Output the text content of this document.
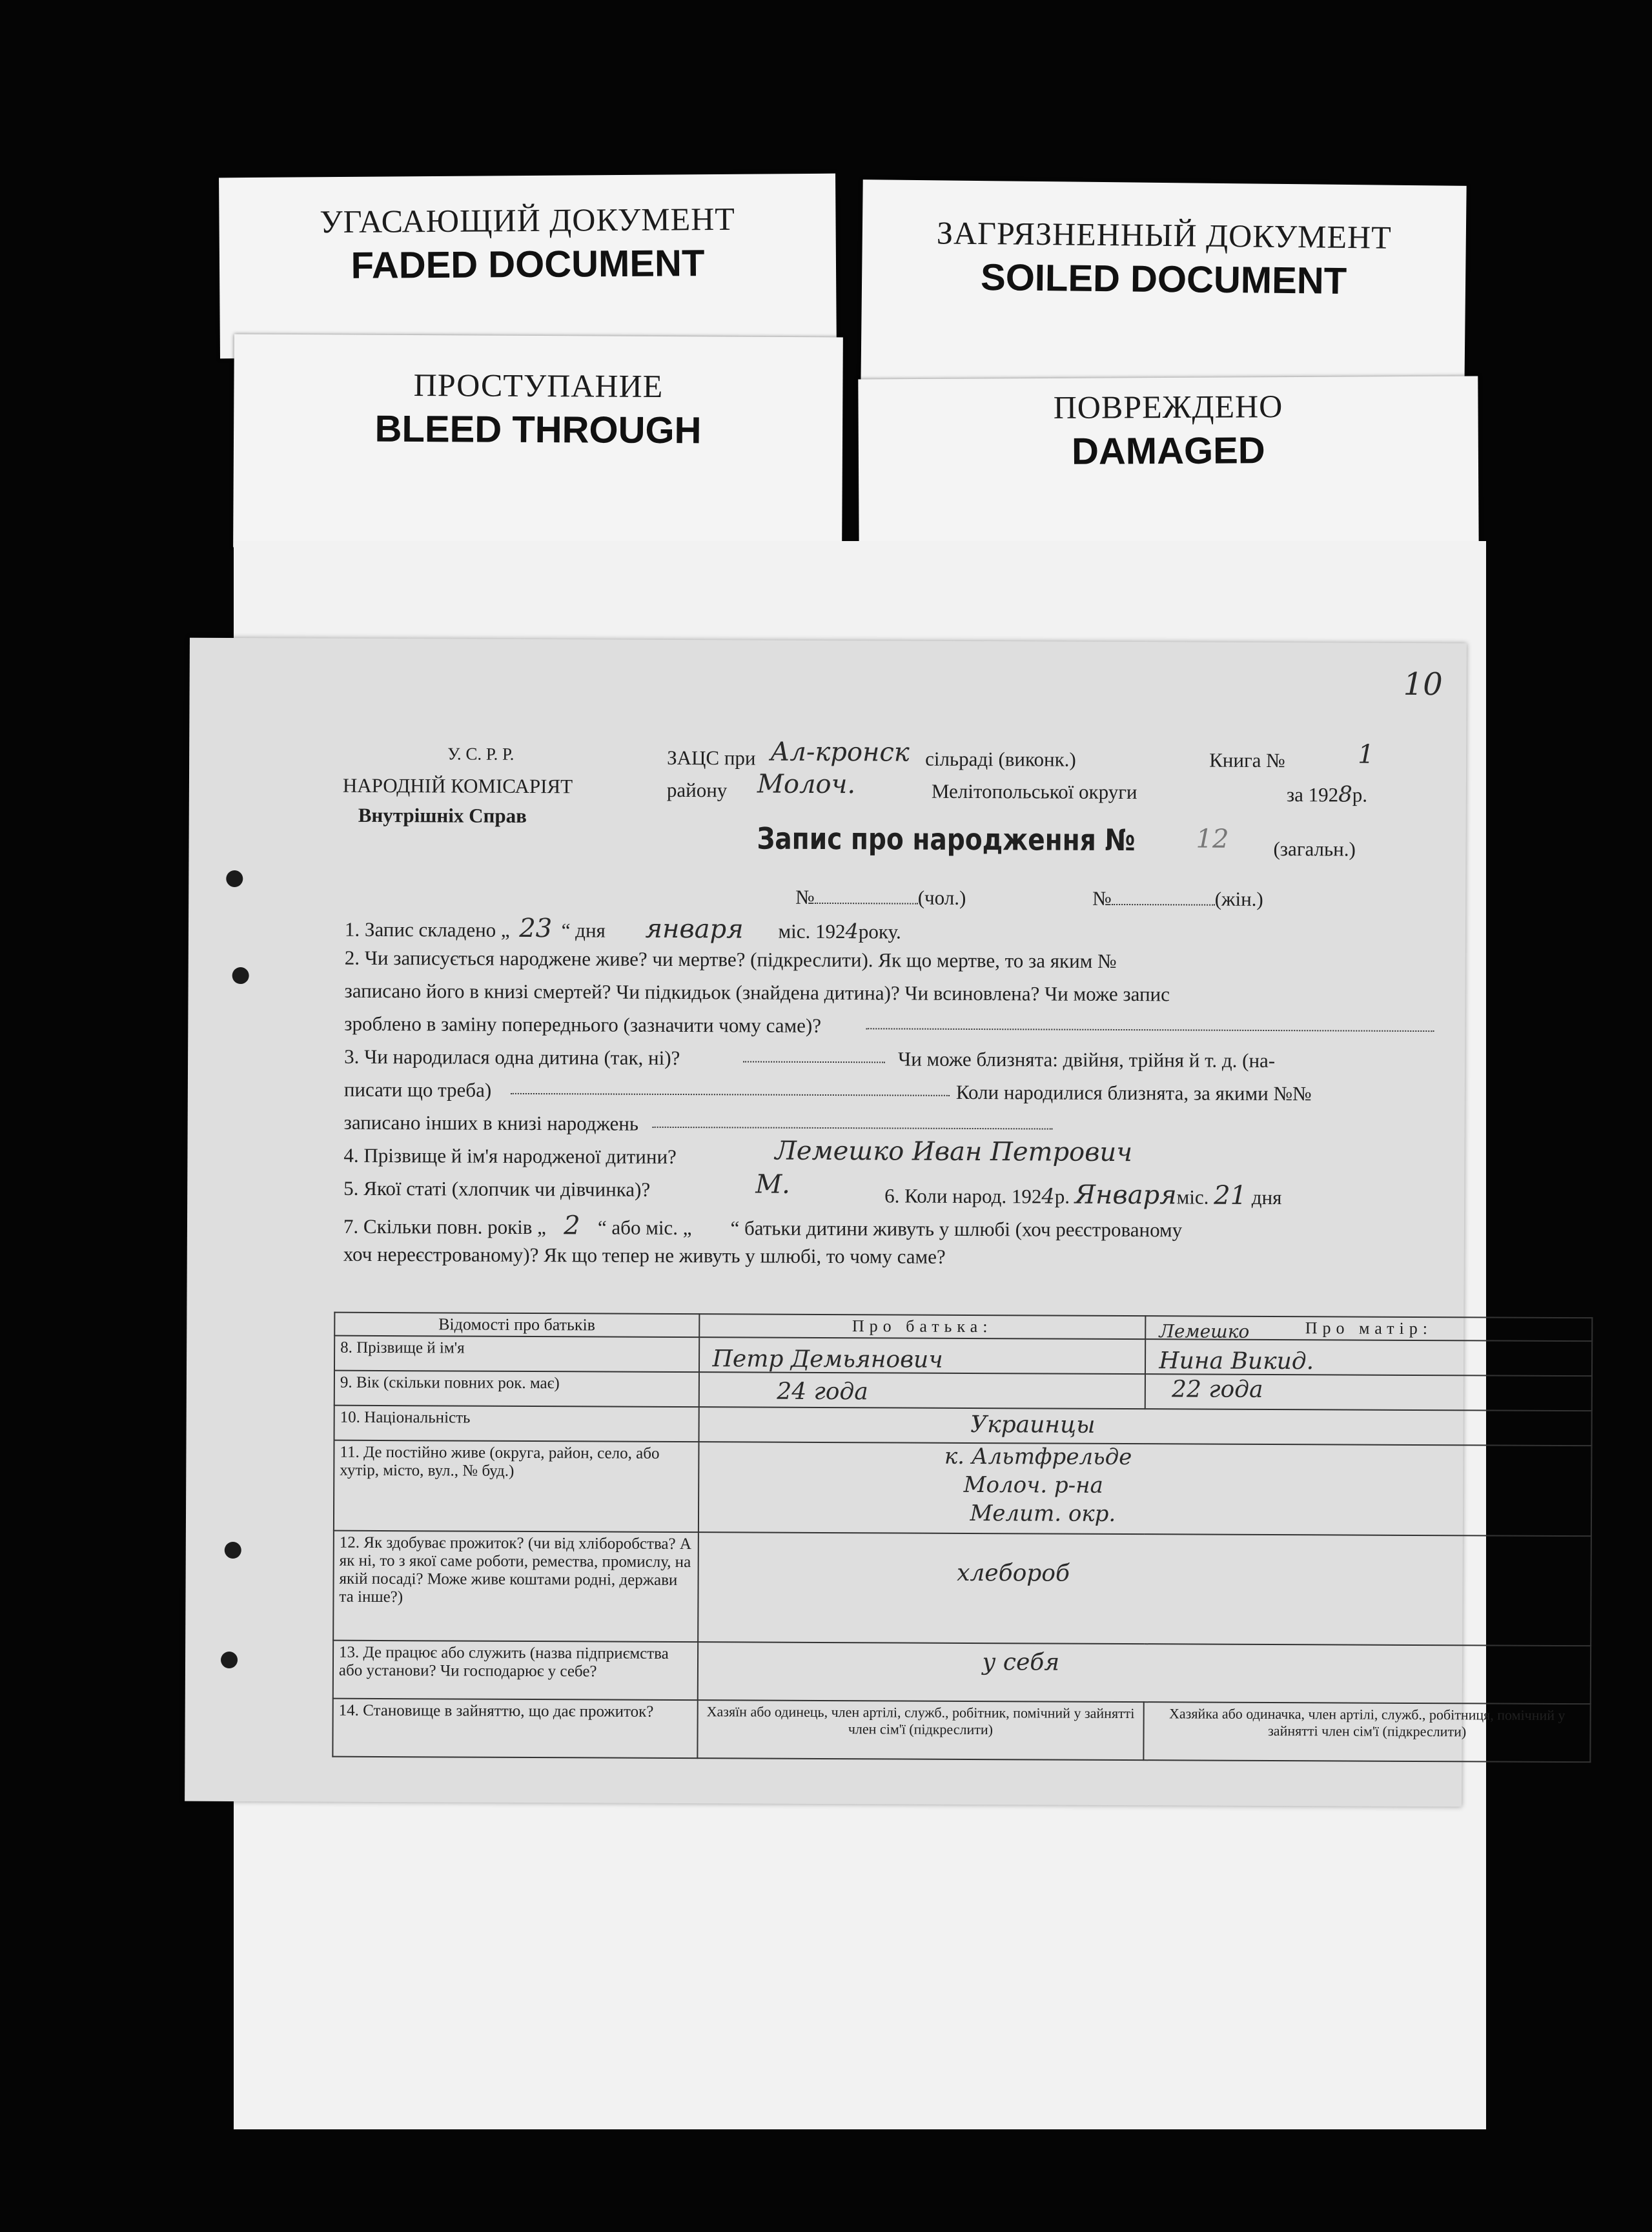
УГАСАЮЩИЙ ДОКУМЕНТ
FADED DOCUMENT
ЗАГРЯЗНЕННЫЙ ДОКУМЕНТ
SOILED DOCUMENT
ПРОСТУПАНИЕ
BLEED THROUGH
ПОВРЕЖДЕНО
DAMAGED
10
У. С. Р. Р.
НАРОДНІЙ КОМІСАРІЯТ
Внутрішніх Справ
ЗАЦС при Ал-кронск сільраді (виконк.)	Книга №	1
району Молоч.	Мелітопольської округи	за 1928р.
Запис про народження № 12 (загальн.)
№	(чол.)	№	(жін.)
1. Запис складено „ 23 “ дня января міс. 1924року.
2. Чи записується народжене живе? чи мертве? (підкреслити). Як що мертве, то за яким №
записано його в книзі смертей? Чи підкидьок (знайдена дитина)? Чи всиновлена? Чи може запис
зроблено в заміну попереднього (зазначити чому саме)?
3. Чи народилася одна дитина (так, ні)?	Чи може близнята: двійня, трійня й т. д. (на-
писати що треба)	Коли народилися близнята, за якими №№
записано інших в книзі народжень
4. Прізвище й ім'я народженої дитини?	Лемешко Иван Петрович
5. Якої статі (хлопчик чи дівчинка)?	М.	6. Коли народ. 1924р. Январяміс. 21 дня
7. Скільки повн. років „ 2 “ або міс. „ “ батьки дитини живуть у шлюбі (хоч реєстрованому
хоч нереєстрованому)? Як що тепер не живуть у шлюбі, то чому саме?
Відомості про батьків	Про батька:	Про матір:
8. Прізвище й ім'я	Петр Демьянович	Лемешко
Нина Викид.

9. Вік (скільки повних рок. має)	24 года	22 года

10. Національність	Украинцы	

11. Де постійно живе (округа, район, село, або хутір, місто, вул., № буд.)	к. Альтфрельде
Молоч. р-на
Мелит. окр.	

12. Як здобуває прожиток? (чи від хліборобства? А як ні, то з якої саме роботи, ремества, промислу, на якій посаді? Може живе коштами родні, держави та інше?)	хлебороб	

13. Де працює або служить (назва підприємства або установи? Чи господарює у себе?	у себя	

14. Становище в зайняттю, що дає прожиток?	Хазяїн або одинець, член артілі, служб., робітник, помічний у зайнятті член сім'ї (підкреслити)	Хазяйка або одиначка, член артілі, служб., робітниця, помічний у зайнятті член сім'ї (підкреслити)
